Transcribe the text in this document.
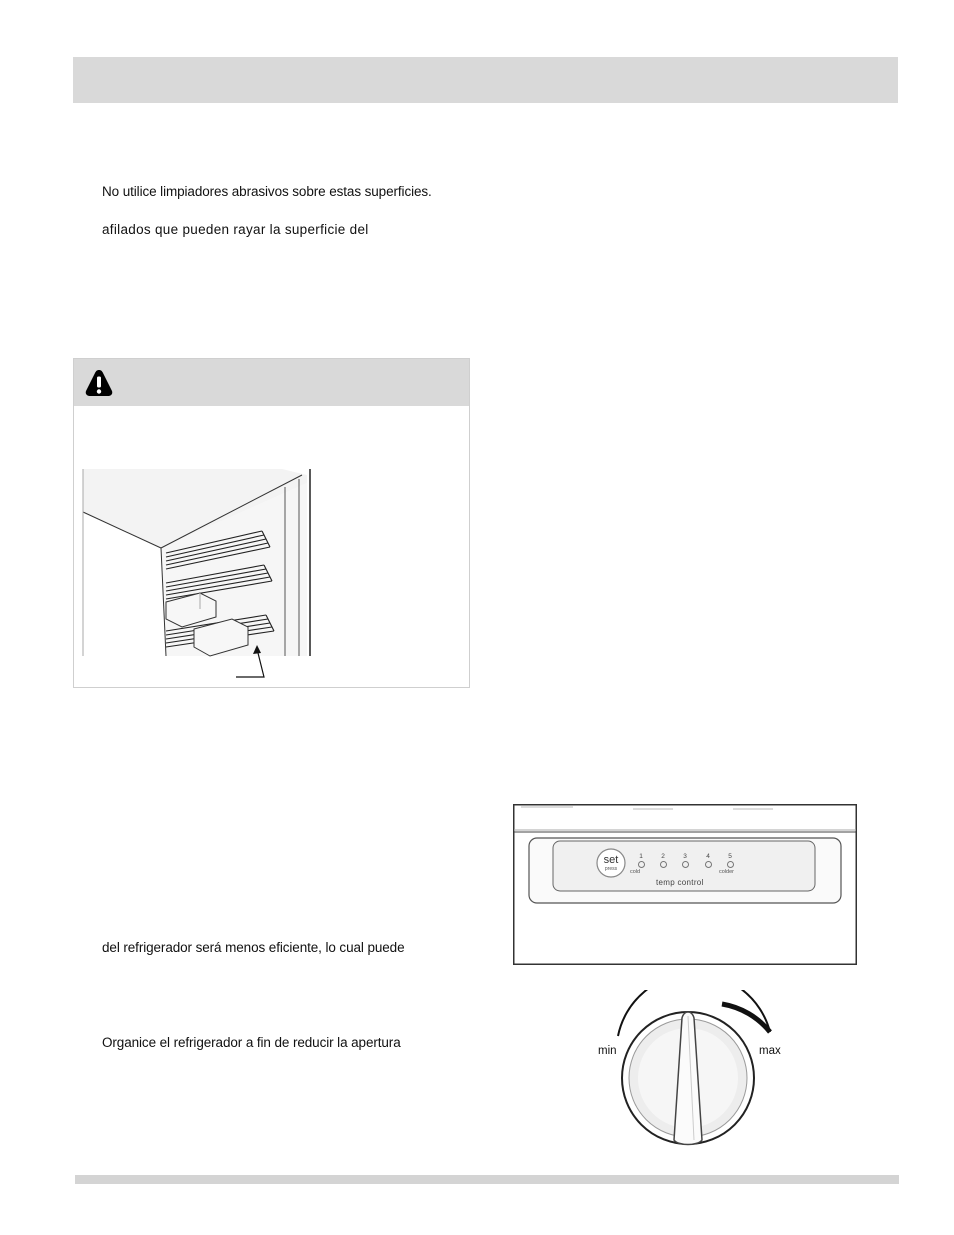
No utilice limpiadores abrasivos sobre estas superficies.
afilados que pueden rayar la superficie del
set
press
1	2	3	4	5
cold	colder
temp control
del refrigerador será menos eficiente, lo cual puede
Organice el refrigerador a fin de reducir la apertura
min	max
